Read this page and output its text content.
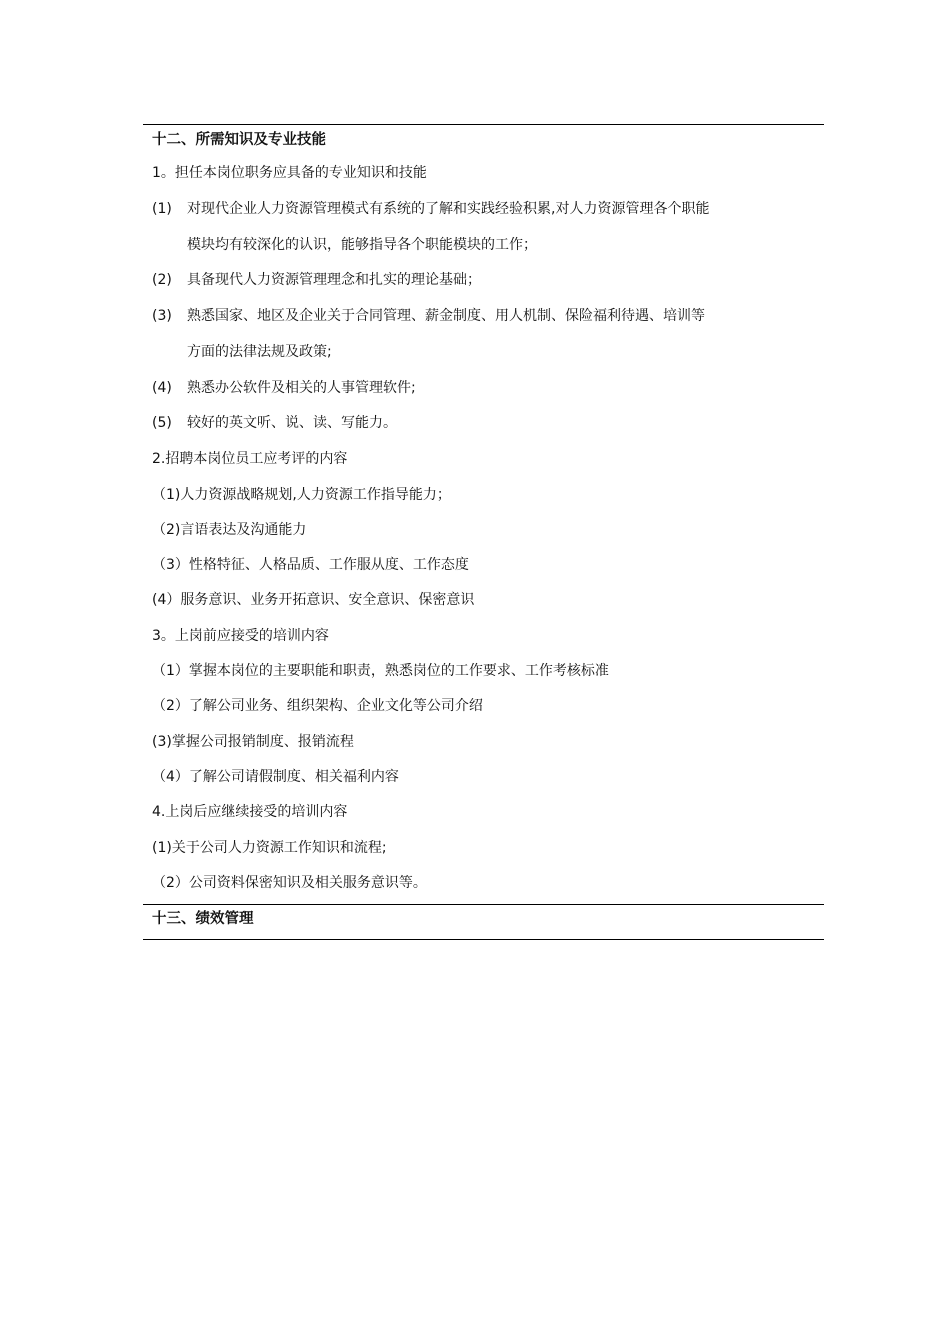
十二、所需知识及专业技能
1。担任本岗位职务应具备的专业知识和技能
(1) 对现代企业人力资源管理模式有系统的了解和实践经验积累,对人力资源管理各个职能
模块均有较深化的认识，能够指导各个职能模块的工作；
(2) 具备现代人力资源管理理念和扎实的理论基础；
(3) 熟悉国家、地区及企业关于合同管理、薪金制度、用人机制、保险福利待遇、培训等
方面的法律法规及政策;
(4) 熟悉办公软件及相关的人事管理软件;
(5) 较好的英文听、说、读、写能力。
2.招聘本岗位员工应考评的内容
（1)人力资源战略规划,人力资源工作指导能力；
（2)言语表达及沟通能力
（3）性格特征、人格品质、工作服从度、工作态度
(4）服务意识、业务开拓意识、安全意识、保密意识
3。上岗前应接受的培训内容
（1）掌握本岗位的主要职能和职责，熟悉岗位的工作要求、工作考核标准
（2）了解公司业务、组织架构、企业文化等公司介绍
(3)掌握公司报销制度、报销流程
（4）了解公司请假制度、相关福利内容
4.上岗后应继续接受的培训内容
(1)关于公司人力资源工作知识和流程;
（2）公司资料保密知识及相关服务意识等。
十三、绩效管理
